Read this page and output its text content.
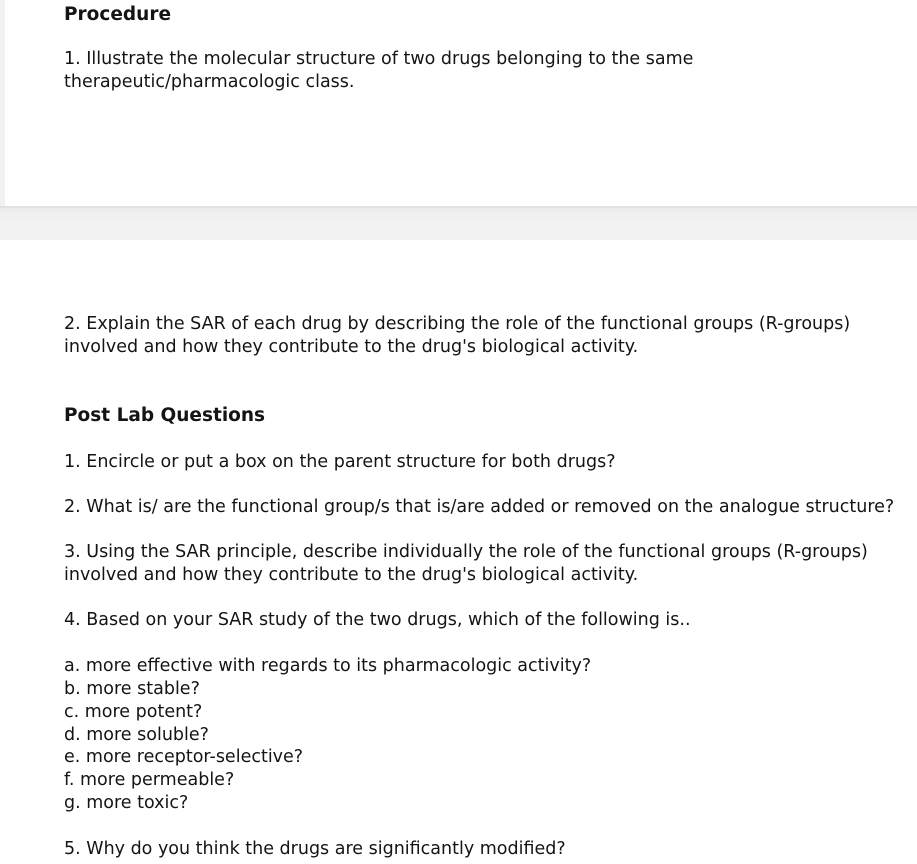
Procedure
1. Illustrate the molecular structure of two drugs belonging to the same
therapeutic/pharmacologic class.
2. Explain the SAR of each drug by describing the role of the functional groups (R-groups)
involved and how they contribute to the drug's biological activity.
Post Lab Questions
1. Encircle or put a box on the parent structure for both drugs?
2. What is/ are the functional group/s that is/are added or removed on the analogue structure?
3. Using the SAR principle, describe individually the role of the functional groups (R-groups)
involved and how they contribute to the drug's biological activity.
4. Based on your SAR study of the two drugs, which of the following is..
a. more effective with regards to its pharmacologic activity?
b. more stable?
c. more potent?
d. more soluble?
e. more receptor-selective?
f. more permeable?
g. more toxic?
5. Why do you think the drugs are significantly modified?
